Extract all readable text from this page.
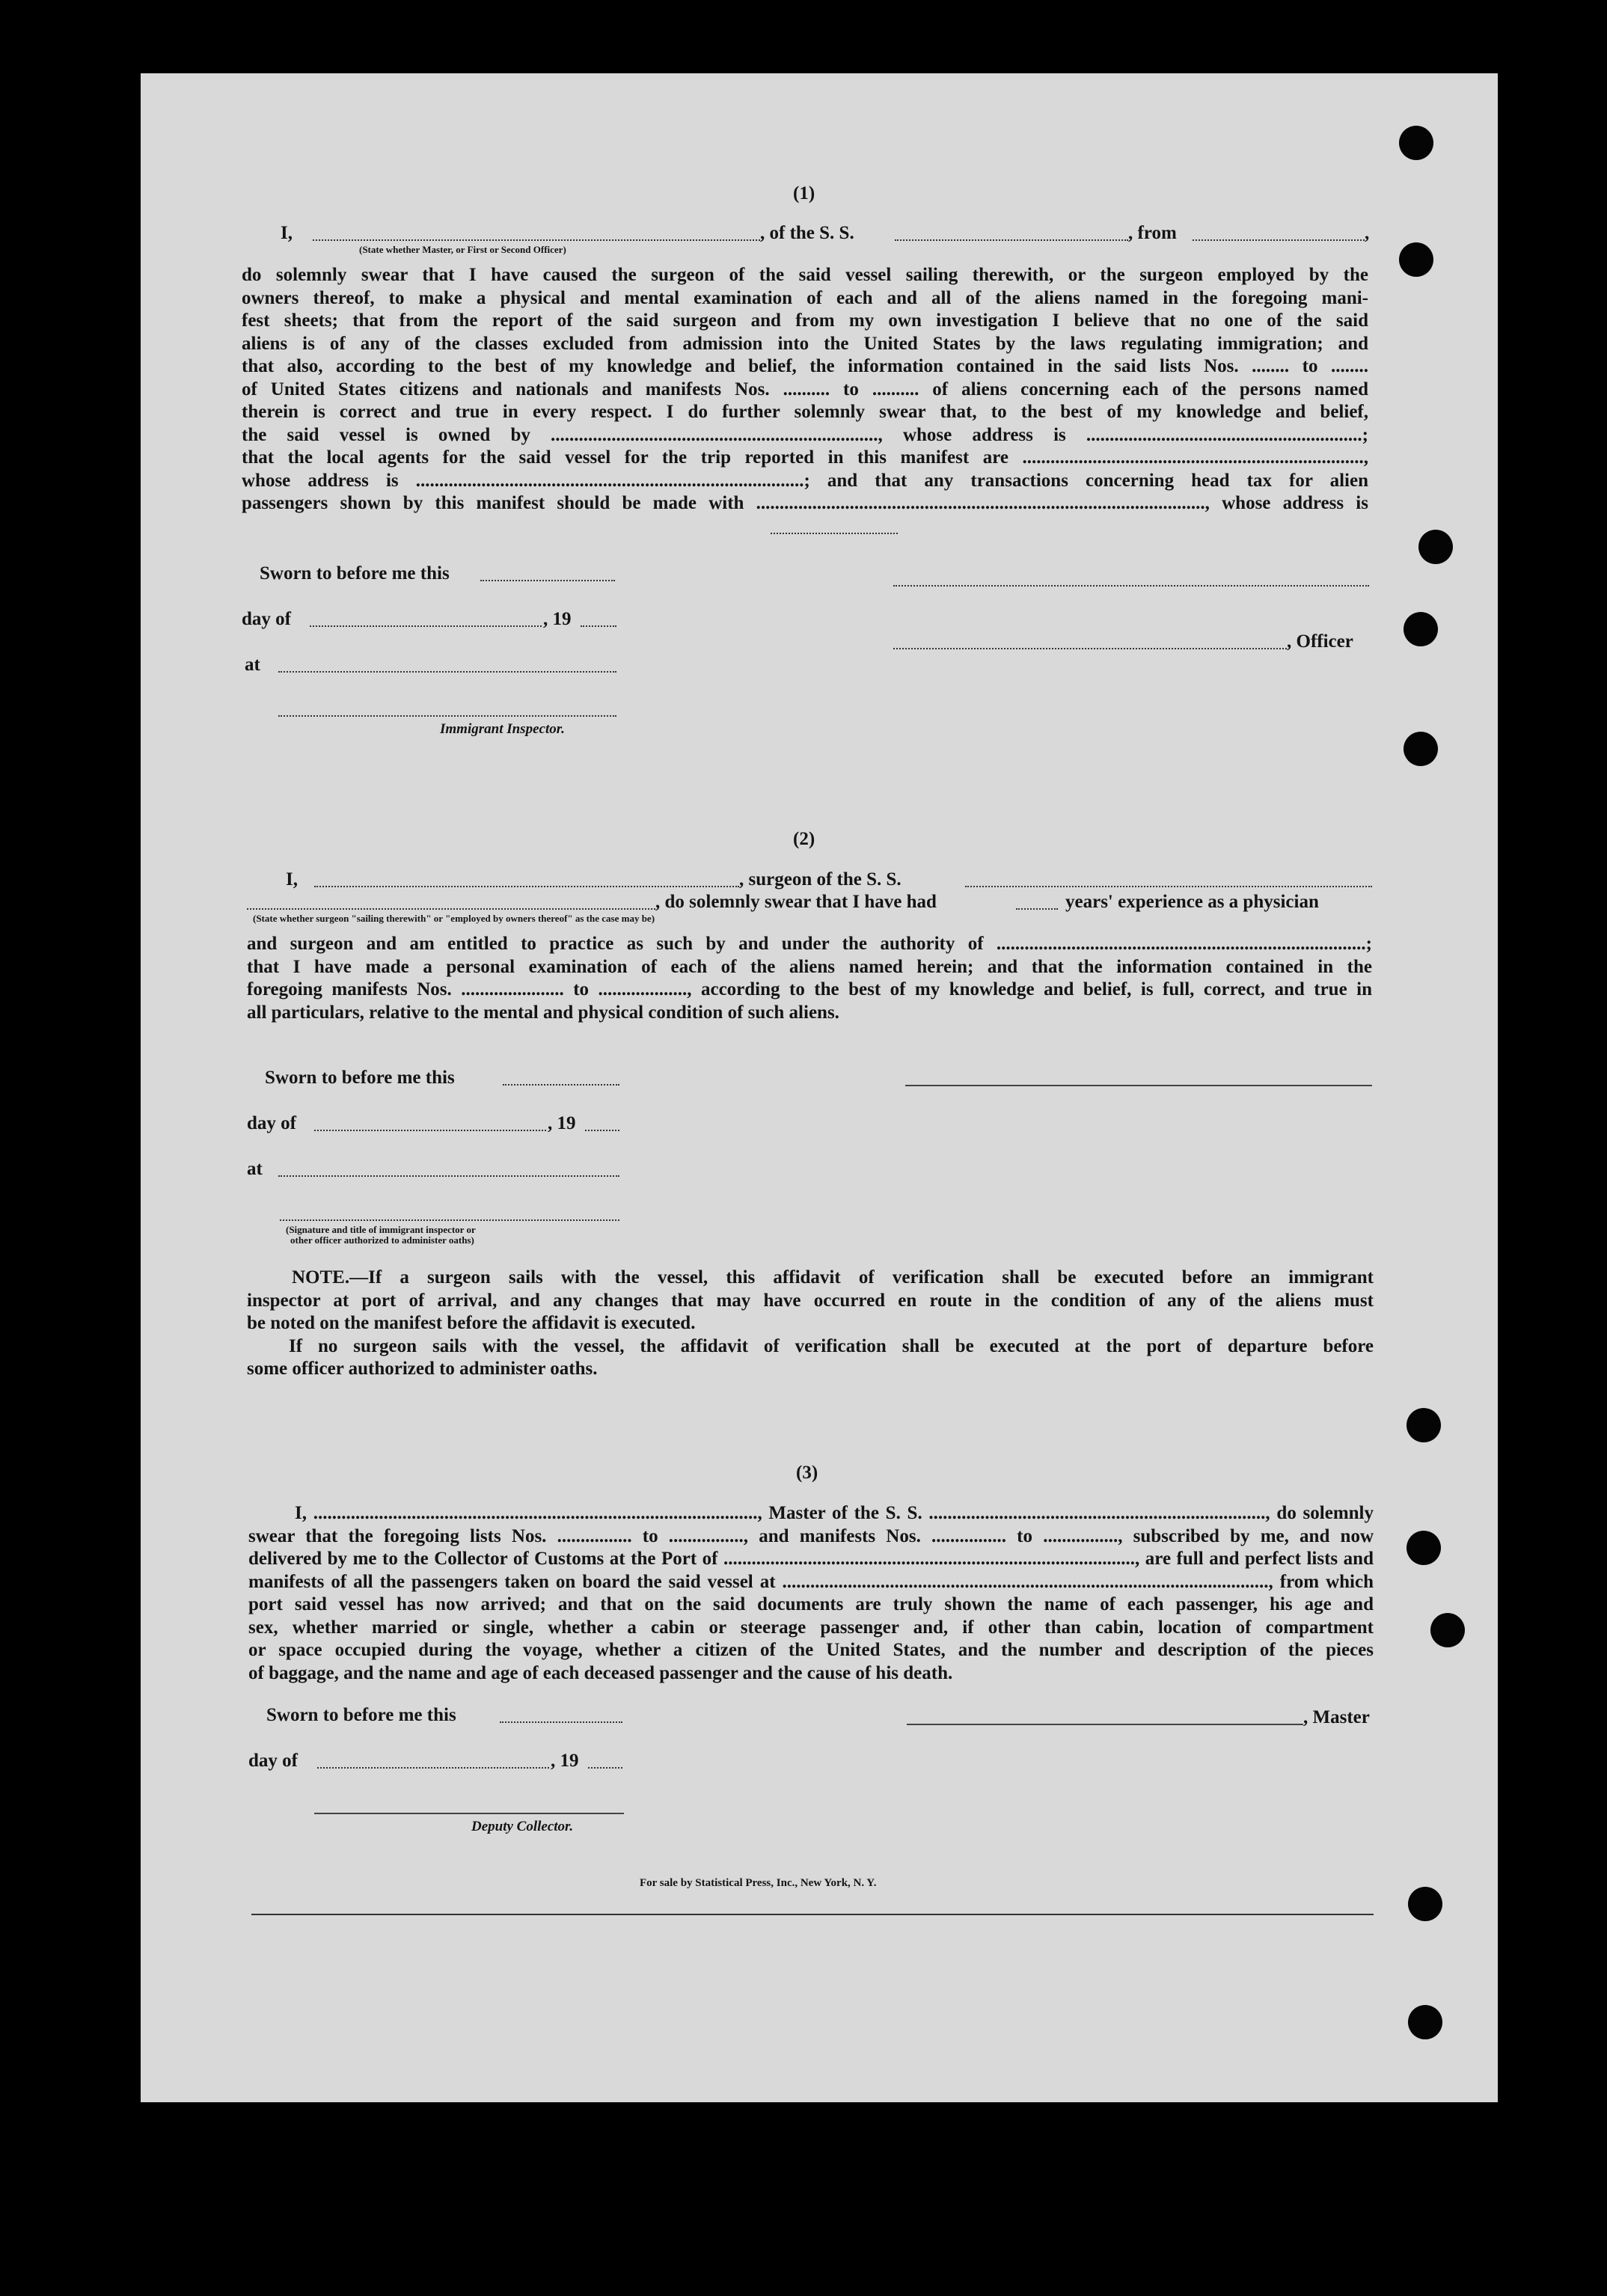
(1)
I,	, of the S. S.	, from	,
(State whether Master, or First or Second Officer)
do solemnly swear that I have caused the surgeon of the said vessel sailing therewith, or the surgeon employed by the
owners thereof, to make a physical and mental examination of each and all of the aliens named in the foregoing mani-
fest sheets; that from the report of the said surgeon and from my own investigation I believe that no one of the said
aliens is of any of the classes excluded from admission into the United States by the laws regulating immigration; and
that also, according to the best of my knowledge and belief, the information contained in the said lists Nos. ........ to ........
of United States citizens and nationals and manifests Nos. .......... to .......... of aliens concerning each of the persons named
therein is correct and true in every respect. I do further solemnly swear that, to the best of my knowledge and belief,
the said vessel is owned by ......................................................................, whose address is ...........................................................;
that the local agents for the said vessel for the trip reported in this manifest are .........................................................................,
whose address is ...................................................................................; and that any transactions concerning head tax for alien
passengers shown by this manifest should be made with ................................................................................................, whose address is
Sworn to before me this
day of	, 19
at
Immigrant Inspector.
, Officer
(2)
I,	, surgeon of the S. S.
, do solemnly swear that I have had	years' experience as a physician
(State whether surgeon "sailing therewith" or "employed by owners thereof" as the case may be)
and surgeon and am entitled to practice as such by and under the authority of ...............................................................................;
that I have made a personal examination of each of the aliens named herein; and that the information contained in the
foregoing manifests Nos. ...................... to ..................., according to the best of my knowledge and belief, is full, correct, and true in
all particulars, relative to the mental and physical condition of such aliens.
Sworn to before me this
day of	, 19
at
(Signature and title of immigrant inspector or
other officer authorized to administer oaths)
NOTE.—If a surgeon sails with the vessel, this affidavit of verification shall be executed before an immigrant
inspector at port of arrival, and any changes that may have occurred en route in the condition of any of the aliens must
be noted on the manifest before the affidavit is executed.
If no surgeon sails with the vessel, the affidavit of verification shall be executed at the port of departure before
some officer authorized to administer oaths.
(3)
I, ..............................................................................................., Master of the S. S. ........................................................................, do solemnly
swear that the foregoing lists Nos. ................ to ................, and manifests Nos. ................ to ................, subscribed by me, and now
delivered by me to the Collector of Customs at the Port of ........................................................................................, are full and perfect lists and
manifests of all the passengers taken on board the said vessel at ........................................................................................................, from which
port said vessel has now arrived; and that on the said documents are truly shown the name of each passenger, his age and
sex, whether married or single, whether a cabin or steerage passenger and, if other than cabin, location of compartment
or space occupied during the voyage, whether a citizen of the United States, and the number and description of the pieces
of baggage, and the name and age of each deceased passenger and the cause of his death.
Sworn to before me this	, Master
day of	, 19
Deputy Collector.
For sale by Statistical Press, Inc., New York, N. Y.
